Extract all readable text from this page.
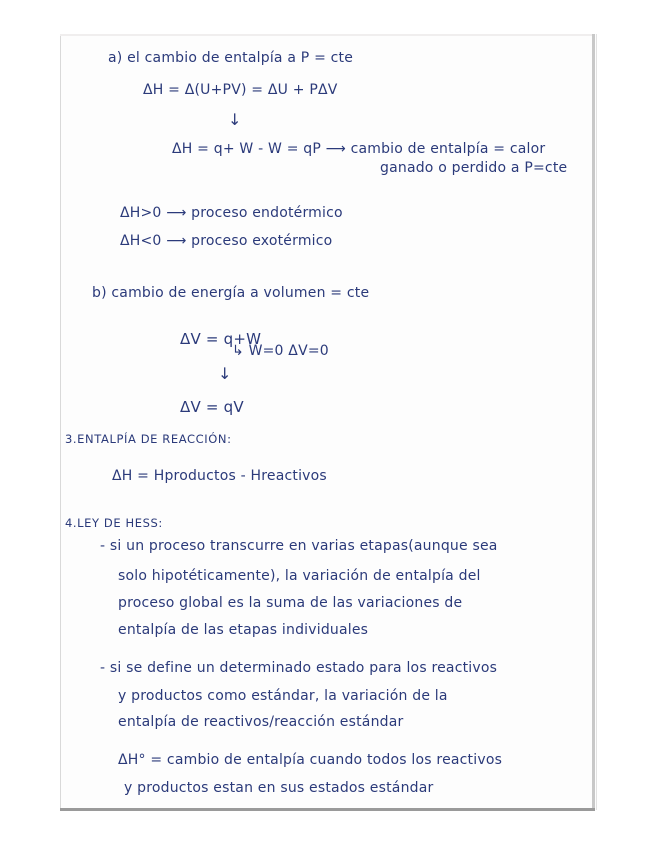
a) el cambio de entalpía a P = cte
ΔH = Δ(U+PV) = ΔU + PΔV
↓
ΔH = q+ W - W = qP ⟶ cambio de entalpía = calor
ganado o perdido a P=cte
ΔH>0 ⟶ proceso endotérmico
ΔH<0 ⟶ proceso exotérmico
b) cambio de energía a volumen = cte
ΔV = q+W
↳ W=0 ΔV=0
↓
ΔV = qV
3.ENTALPÍA DE REACCIÓN:
ΔH = Hproductos - Hreactivos
4.LEY DE HESS:
- si un proceso transcurre en varias etapas(aunque sea
solo hipotéticamente), la variación de entalpía del
proceso global es la suma de las variaciones de
entalpía de las etapas individuales
- si se define un determinado estado para los reactivos
y productos como estándar, la variación de la
entalpía de reactivos/reacción estándar
ΔH° = cambio de entalpía cuando todos los reactivos
y productos estan en sus estados estándar
